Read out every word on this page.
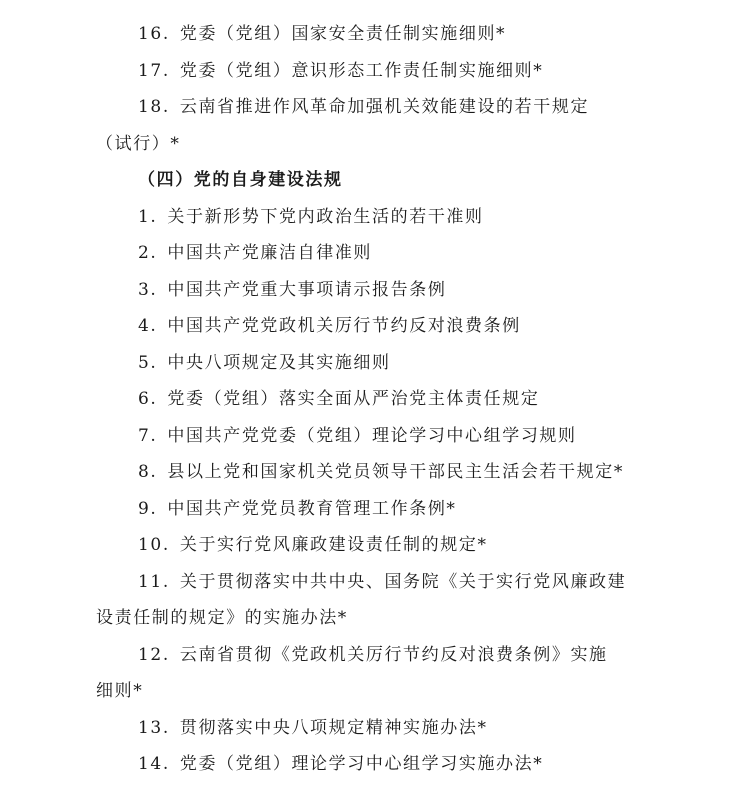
16. 党委（党组）国家安全责任制实施细则*
17. 党委（党组）意识形态工作责任制实施细则*
18. 云南省推进作风革命加强机关效能建设的若干规定
（试行）*
（四）党的自身建设法规
1. 关于新形势下党内政治生活的若干准则
2. 中国共产党廉洁自律准则
3. 中国共产党重大事项请示报告条例
4. 中国共产党党政机关厉行节约反对浪费条例
5. 中央八项规定及其实施细则
6. 党委（党组）落实全面从严治党主体责任规定
7. 中国共产党党委（党组）理论学习中心组学习规则
8. 县以上党和国家机关党员领导干部民主生活会若干规定*
9. 中国共产党党员教育管理工作条例*
10. 关于实行党风廉政建设责任制的规定*
11. 关于贯彻落实中共中央、国务院《关于实行党风廉政建
设责任制的规定》的实施办法*
12. 云南省贯彻《党政机关厉行节约反对浪费条例》实施
细则*
13. 贯彻落实中央八项规定精神实施办法*
14. 党委（党组）理论学习中心组学习实施办法*
